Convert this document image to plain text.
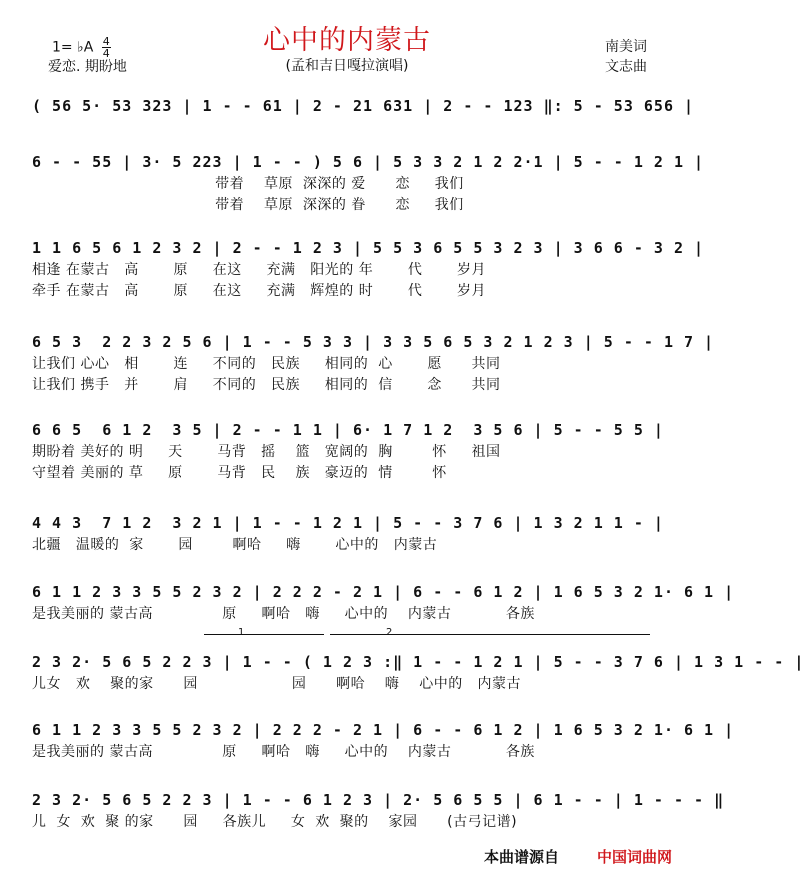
1= ♭A $\frac{4}{4}$
爱恋. 期盼地
心中的内蒙古
(孟和吉日嘎拉演唱)
南美词
文志曲
( 56 5· 53 323 | 1 - - 61 | 2 - 21 631 | 2 - - 123 ‖: 5 - 53 656 |
6 - - 55 | 3· 5 223 | 1 - - ) 5 6 | 5 3 3 2 1 2 2·1 | 5 - - 1 2 1 |
带着    草原  深深的 爱      恋     我们
带着    草原  深深的 眷      恋     我们
1 1 6 5 6 1 2 3 2 | 2 - - 1 2 3 | 5 5 3 6 5 5 3 2 3 | 3 6 6 - 3 2 |
相逢 在蒙古   高       原     在这     充满   阳光的 年       代       岁月
牵手 在蒙古   高       原     在这     充满   辉煌的 时       代       岁月
6 5 3  2 2 3 2 5 6 | 1 - - 5 3 3 | 3 3 5 6 5 3 2 1 2 3 | 5 - - 1 7 |
让我们 心心   相       连     不同的   民族     相同的  心       愿      共同
让我们 携手   并       肩     不同的   民族     相同的  信       念      共同
6 6 5  6 1 2  3 5 | 2 - - 1 1 | 6· 1 7 1 2  3 5 6 | 5 - - 5 5 |
期盼着 美好的 明     天       马背   摇    篮   宽阔的  胸        怀     祖国
守望着 美丽的 草     原       马背   民    族   豪迈的  情        怀
4 4 3  7 1 2  3 2 1 | 1 - - 1 2 1 | 5 - - 3 7 6 | 1 3 2 1 1 - |
北疆   温暖的  家       园        啊哈     嗨       心中的   内蒙古
6 1 1 2 3 3 5 5 2 3 2 | 2 2 2 - 2 1 | 6 - - 6 1 2 | 1 6 5 3 2 1· 6 1 |
是我美丽的 蒙古高              原     啊哈   嗨     心中的    内蒙古           各族
1	2
2 3 2· 5 6 5 2 2 3 | 1 - - ( 1 2 3 :‖ 1 - - 1 2 1 | 5 - - 3 7 6 | 1 3 1 - - |
儿女   欢    聚的家      园                   园      啊哈    嗨    心中的   内蒙古
6 1 1 2 3 3 5 5 2 3 2 | 2 2 2 - 2 1 | 6 - - 6 1 2 | 1 6 5 3 2 1· 6 1 |
是我美丽的 蒙古高              原     啊哈   嗨     心中的    内蒙古           各族
2 3 2· 5 6 5 2 2 3 | 1 - - 6 1 2 3 | 2· 5 6 5 5 | 6 1 - - | 1 - - - ‖
儿  女  欢  聚 的家      园     各族儿     女  欢  聚的    家园      (古弓记谱)
本曲谱源自	中国词曲网
